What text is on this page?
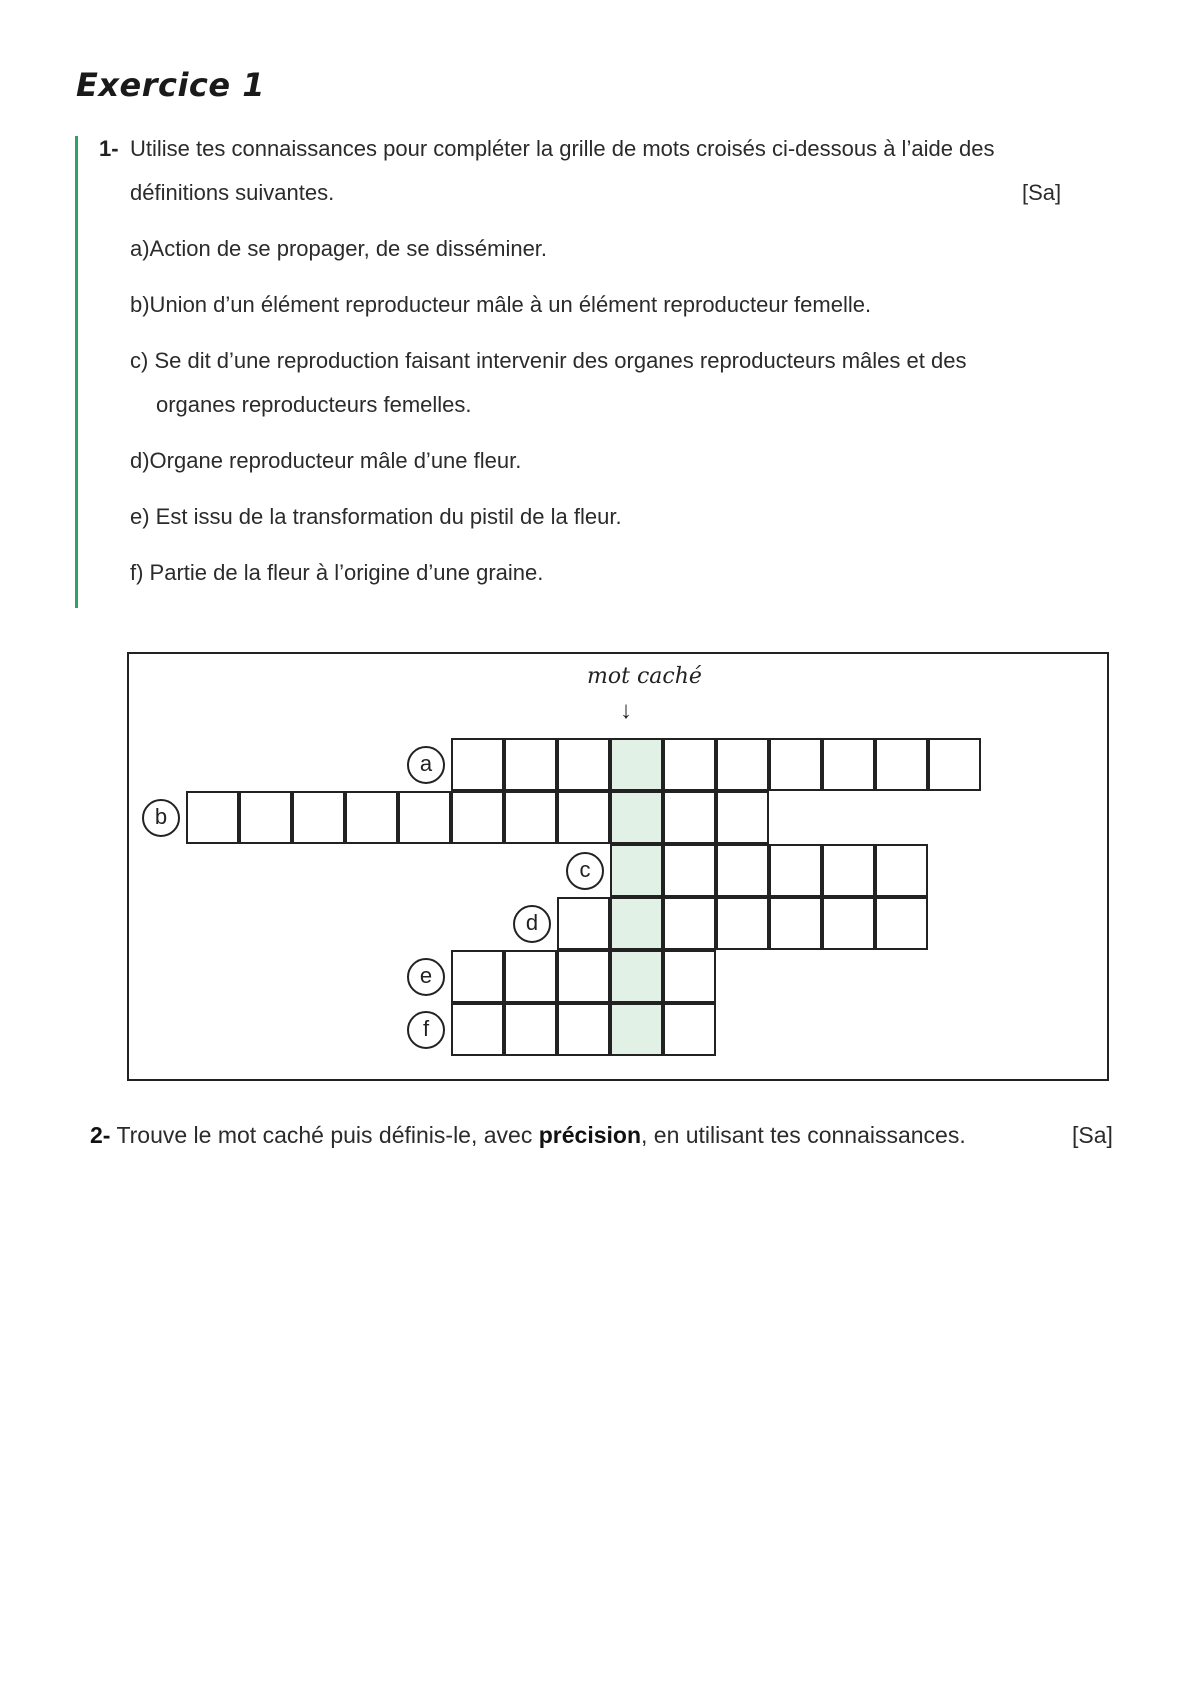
Exercice 1
1- Utilise tes connaissances pour compléter la grille de mots croisés ci-dessous à l’aide des
définitions suivantes.	[Sa]
a)Action de se propager, de se disséminer.
b)Union d’un élément reproducteur mâle à un élément reproducteur femelle.
c) Se dit d’une reproduction faisant intervenir des organes reproducteurs mâles et des
organes reproducteurs femelles.
d)Organe reproducteur mâle d’une fleur.
e) Est issu de la transformation du pistil de la fleur.
f) Partie de la fleur à l’origine d’une graine.
mot caché
↓
a
b
c
d
e
f
2- Trouve le mot caché puis définis-le, avec précision, en utilisant tes connaissances.	[Sa]
